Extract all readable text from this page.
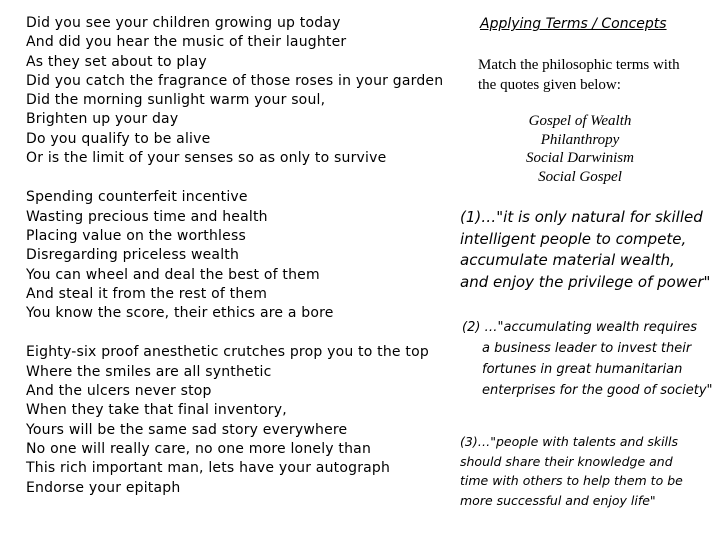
Did you see your children growing up today
And did you hear the music of their laughter
As they set about to play
Did you catch the fragrance of those roses in your garden
Did the morning sunlight warm your soul,
Brighten up your day
Do you qualify to be alive
Or is the limit of your senses so as only to survive
Spending counterfeit incentive
Wasting precious time and health
Placing value on the worthless
Disregarding priceless wealth
You can wheel and deal the best of them
And steal it from the rest of them
You know the score, their ethics are a bore
Eighty-six proof anesthetic crutches prop you to the top
Where the smiles are all synthetic
And the ulcers never stop
When they take that final inventory,
Yours will be the same sad story everywhere
No one will really care, no one more lonely than
This rich important man, lets have your autograph
Endorse your epitaph
Applying Terms / Concepts
Match the philosophic terms with
the quotes given below:
Gospel of Wealth
Philanthropy
Social Darwinism
Social Gospel
(1)…"it is only natural for skilled
intelligent people to compete,
accumulate material wealth,
and enjoy the privilege of power"
(2) …"accumulating wealth requires
a business leader to invest their
fortunes in great humanitarian
enterprises for the good of society"
(3)…"people with talents and skills
should share their knowledge and
time with others to help them to be
more successful and enjoy life"
